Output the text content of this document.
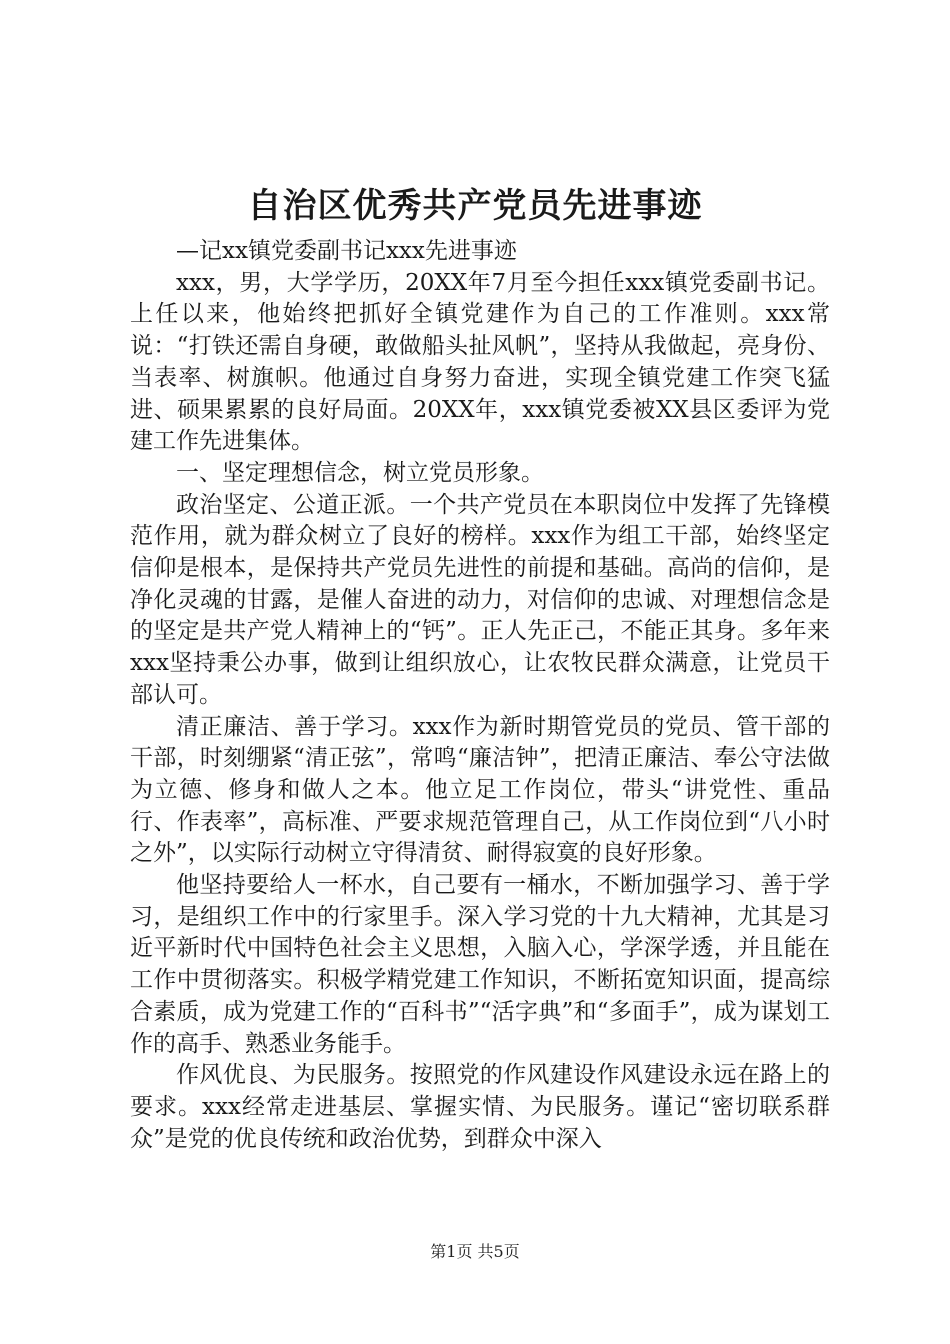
自治区优秀共产党员先进事迹

—记xx镇党委副书记xxx先进事迹

xxx，男，大学学历，20XX年7月至今担任xxx镇党委副书记。上任以来，他始终把抓好全镇党建作为自己的工作准则。xxx常说：“打铁还需自身硬，敢做船头扯风帆”，坚持从我做起，亮身份、当表率、树旗帜。他通过自身努力奋进，实现全镇党建工作突飞猛进、硕果累累的良好局面。20XX年，xxx镇党委被XX县区委评为党建工作先进集体。

一、坚定理想信念，树立党员形象。

政治坚定、公道正派。一个共产党员在本职岗位中发挥了先锋模范作用，就为群众树立了良好的榜样。xxx作为组工干部，始终坚定信仰是根本，是保持共产党员先进性的前提和基础。高尚的信仰，是净化灵魂的甘露，是催人奋进的动力，对信仰的忠诚、对理想信念是的坚定是共产党人精神上的“钙”。正人先正己，不能正其身。多年来xxx坚持秉公办事，做到让组织放心，让农牧民群众满意，让党员干部认可。

清正廉洁、善于学习。xxx作为新时期管党员的党员、管干部的干部，时刻绷紧“清正弦”，常鸣“廉洁钟”，把清正廉洁、奉公守法做为立德、修身和做人之本。他立足工作岗位，带头“讲党性、重品行、作表率”，高标准、严要求规范管理自己，从工作岗位到“八小时之外”，以实际行动树立守得清贫、耐得寂寞的良好形象。

他坚持要给人一杯水，自己要有一桶水，不断加强学习、善于学习，是组织工作中的行家里手。深入学习党的十九大精神，尤其是习近平新时代中国特色社会主义思想，入脑入心，学深学透，并且能在工作中贯彻落实。积极学精党建工作知识，不断拓宽知识面，提高综合素质，成为党建工作的“百科书”“活字典”和“多面手”，成为谋划工作的高手、熟悉业务能手。

作风优良、为民服务。按照党的作风建设作风建设永远在路上的要求。xxx经常走进基层、掌握实情、为民服务。谨记“密切联系群众”是党的优良传统和政治优势，到群众中深入

第1页 共5页
